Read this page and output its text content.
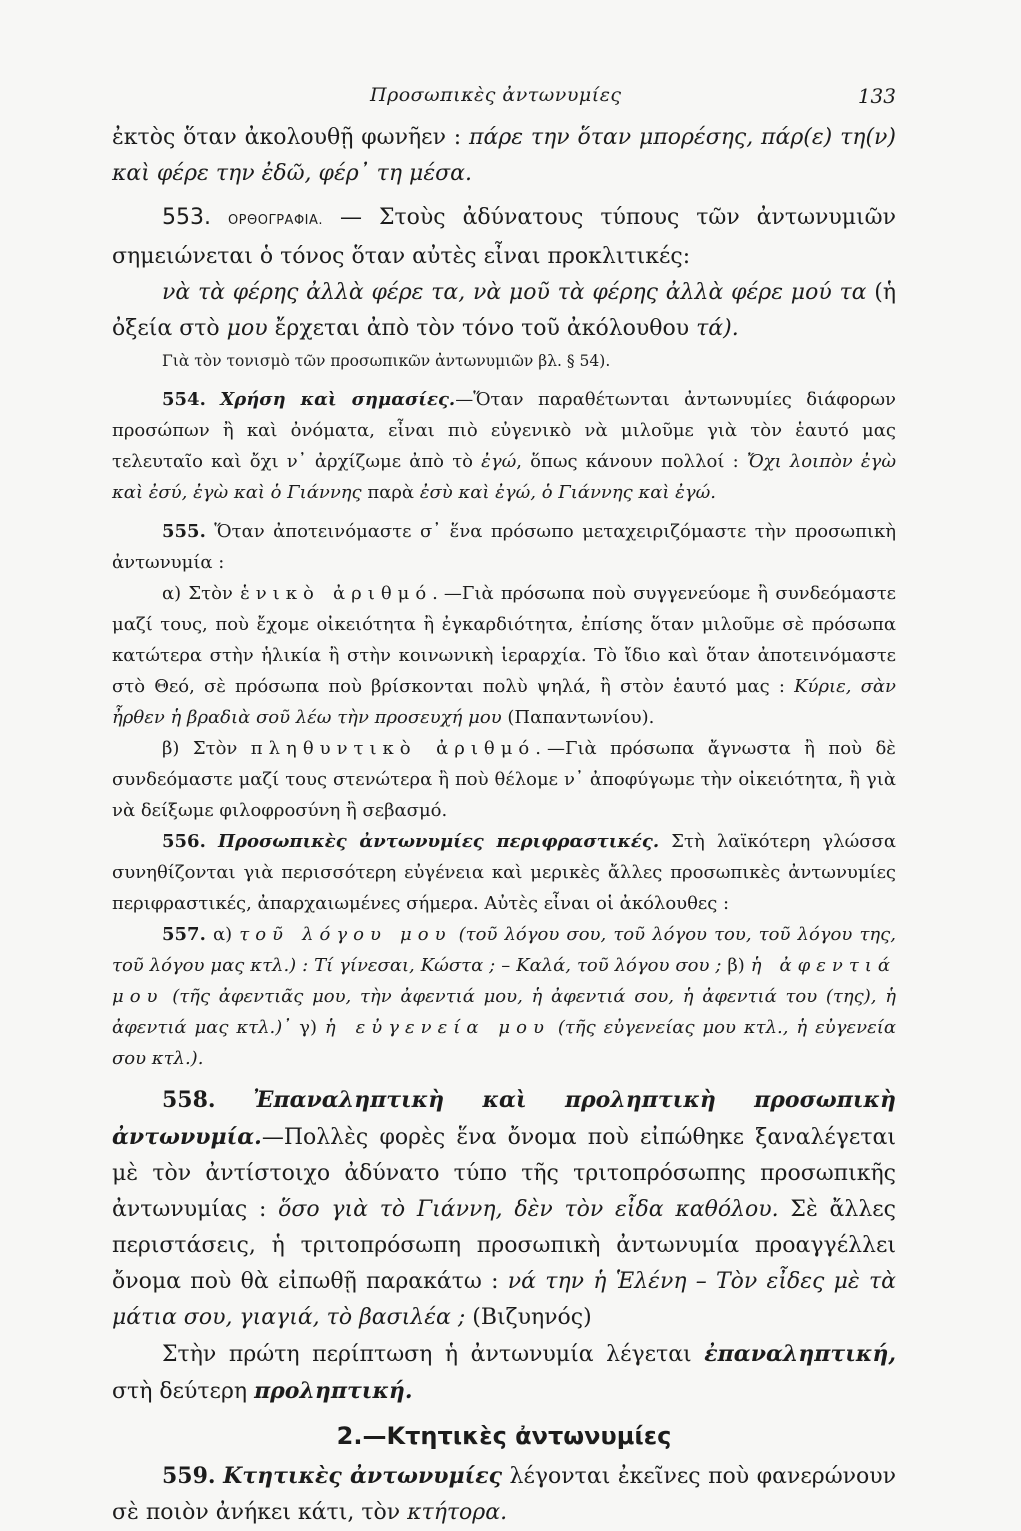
Προσωπικὲς ἀντωνυμίες	133

ἐκτὸς ὅταν ἀκολουθῇ φωνῆεν : πάρε την ὅταν μπορέσης, πάρ(ε) τη(ν) καὶ φέρε την ἐδῶ, φέρ᾿ τη μέσα.

553. ΟΡΘΟΓΡΑΦΙΑ. — Στοὺς ἀδύνατους τύπους τῶν ἀντωνυμιῶν σημειώνεται ὁ τόνος ὅταν αὐτὲς εἶναι προκλιτικές:

νὰ τὰ φέρης ἀλλὰ φέρε τα, νὰ μοῦ τὰ φέρης ἀλλὰ φέρε μού τα (ἡ ὀξεία στὸ μου ἔρχεται ἀπὸ τὸν τόνο τοῦ ἀκόλουθου τά).

Γιὰ τὸν τονισμὸ τῶν προσωπικῶν ἀντωνυμιῶν βλ. § 54).

554. Χρήση καὶ σημασίες.—Ὅταν παραθέτωνται ἀντωνυμίες διάφορων προσώπων ἢ καὶ ὀνόματα, εἶναι πιὸ εὐγενικὸ νὰ μιλοῦμε γιὰ τὸν ἑαυτό μας τελευταῖο καὶ ὄχι ν᾿ ἀρχίζωμε ἀπὸ τὸ ἐγώ, ὅπως κάνουν πολλοί : Ὄχι λοιπὸν ἐγὼ καὶ ἐσύ, ἐγὼ καὶ ὁ Γιάννης παρὰ ἐσὺ καὶ ἐγώ, ὁ Γιάννης καὶ ἐγώ.

555. Ὅταν ἀποτεινόμαστε σ᾿ ἕνα πρόσωπο μεταχειριζόμαστε τὴν προσωπικὴ ἀντωνυμία :

α) Στὸν ἑνικὸ ἀριθμό.—Γιὰ πρόσωπα ποὺ συγγενεύομε ἢ συνδεόμαστε μαζί τους, ποὺ ἔχομε οἰκειότητα ἢ ἐγκαρδιότητα, ἐπίσης ὅταν μιλοῦμε σὲ πρόσωπα κατώτερα στὴν ἡλικία ἢ στὴν κοινωνικὴ ἱεραρχία. Τὸ ἴδιο καὶ ὅταν ἀποτεινόμαστε στὸ Θεό, σὲ πρόσωπα ποὺ βρίσκονται πολὺ ψηλά, ἢ στὸν ἑαυτό μας : Κύριε, σὰν ἦρθεν ἡ βραδιὰ σοῦ λέω τὴν προσευχή μου (Παπαντωνίου).

β) Στὸν πληθυντικὸ ἀριθμό.—Γιὰ πρόσωπα ἄγνωστα ἢ ποὺ δὲ συνδεόμαστε μαζί τους στενώτερα ἢ ποὺ θέλομε ν᾿ ἀποφύγωμε τὴν οἰκειότητα, ἢ γιὰ νὰ δείξωμε φιλοφροσύνη ἢ σεβασμό.

556. Προσωπικὲς ἀντωνυμίες περιφραστικές. Στὴ λαϊκότερη γλώσσα συνηθίζονται γιὰ περισσότερη εὐγένεια καὶ μερικὲς ἄλλες προσωπικὲς ἀντωνυμίες περιφραστικές, ἀπαρχαιωμένες σήμερα. Αὐτὲς εἶναι οἱ ἀκόλουθες :

557. α) τοῦ λόγου μου (τοῦ λόγου σου, τοῦ λόγου του, τοῦ λόγου της, τοῦ λόγου μας κτλ.) : Τί γίνεσαι, Κώστα ; – Καλά, τοῦ λόγου σου ; β) ἡ ἀφεντιά μου (τῆς ἀφεντιᾶς μου, τὴν ἀφεντιά μου, ἡ ἀφεντιά σου, ἡ ἀφεντιά του (της), ἡ ἀφεντιά μας κτλ.)᾿ γ) ἡ εὐγενεία μου (τῆς εὐγενείας μου κτλ., ἡ εὐγενεία σου κτλ.).

558. Ἐπαναληπτικὴ καὶ προληπτικὴ προσωπικὴ ἀντωνυμία.—Πολλὲς φορὲς ἕνα ὄνομα ποὺ εἰπώθηκε ξαναλέγεται μὲ τὸν ἀντίστοιχο ἀδύνατο τύπο τῆς τριτοπρόσωπης προσωπικῆς ἀντωνυμίας : ὅσο γιὰ τὸ Γιάννη, δὲν τὸν εἶδα καθόλου. Σὲ ἄλλες περιστάσεις, ἡ τριτοπρόσωπη προσωπικὴ ἀντωνυμία προαγγέλλει ὄνομα ποὺ θὰ εἰπωθῇ παρακάτω : νά την ἡ Ἑλένη – Τὸν εἶδες μὲ τὰ μάτια σου, γιαγιά, τὸ βασιλέα ; (Βιζυηνός)

Στὴν πρώτη περίπτωση ἡ ἀντωνυμία λέγεται ἐπαναληπτική, στὴ δεύτερη προληπτική.

2.—Κτητικὲς ἀντωνυμίες

559. Κτητικὲς ἀντωνυμίες λέγονται ἐκεῖνες ποὺ φανερώνουν σὲ ποιὸν ἀνήκει κάτι, τὸν κτήτορα.
